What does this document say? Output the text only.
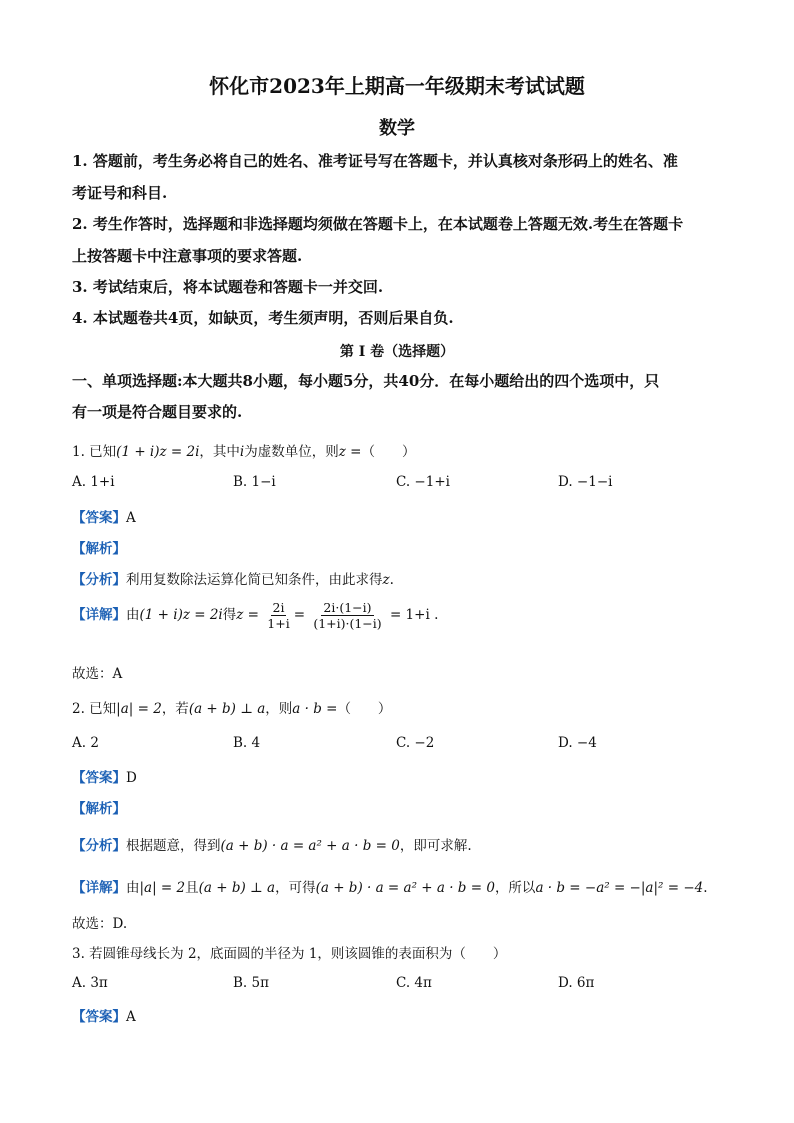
怀化市2023年上期高一年级期末考试试题
数学
1. 答题前，考生务必将自己的姓名、准考证号写在答题卡，并认真核对条形码上的姓名、准
考证号和科目.
2. 考生作答时，选择题和非选择题均须做在答题卡上，在本试题卷上答题无效.考生在答题卡
上按答题卡中注意事项的要求答题.
3. 考试结束后，将本试题卷和答题卡一并交回.
4. 本试题卷共4页，如缺页，考生须声明，否则后果自负.
第 I 卷（选择题）
一、单项选择题:本大题共8小题，每小题5分，共40分．在每小题给出的四个选项中，只
有一项是符合题目要求的.
1. 已知(1 + i)z = 2i，其中i为虚数单位，则z =（　　）
A. 1+i	B. 1−i	C. −1+i	D. −1−i
【答案】A
【解析】
【分析】利用复数除法运算化简已知条件，由此求得z.
【详解】由(1 + i)z = 2i得$z = \frac{2i}{1+i} = \frac{2i\cdot(1-i)}{(1+i)\cdot(1-i)} = 1+i$ .
故选：A
2. 已知|a| = 2，若(a + b) ⊥ a，则a · b =（　　）
A. 2	B. 4	C. −2	D. −4
【答案】D
【解析】
【分析】根据题意，得到(a + b) · a = a² + a · b = 0，即可求解.
【详解】由|a| = 2且(a + b) ⊥ a，可得(a + b) · a = a² + a · b = 0，所以a · b = −a² = −|a|² = −4.
故选：D.
3. 若圆锥母线长为 2，底面圆的半径为 1，则该圆锥的表面积为（　　）
A. 3π	B. 5π	C. 4π	D. 6π
【答案】A
